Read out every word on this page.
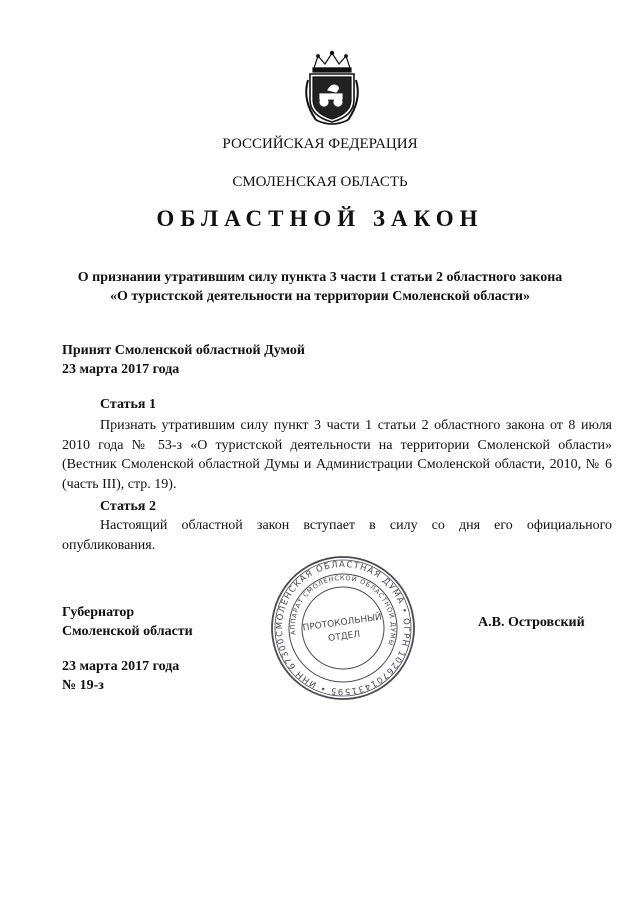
РОССИЙСКАЯ ФЕДЕРАЦИЯ
СМОЛЕНСКАЯ ОБЛАСТЬ
ОБЛАСТНОЙ ЗАКОН
О признании утратившим силу пункта 3 части 1 статьи 2 областного закона
«О туристской деятельности на территории Смоленской области»
Принят Смоленской областной Думой
23 марта 2017 года
Статья 1
Признать утратившим силу пункт 3 части 1 статьи 2 областного закона от 8 июля 2010 года № 53-з «О туристской деятельности на территории Смоленской области» (Вестник Смоленской областной Думы и Администрации Смоленской области, 2010, № 6 (часть III), стр. 19).
Статья 2
Настоящий областной закон вступает в силу со дня его официального опубликования.
Губернатор
Смоленской области	СМОЛЕНСКАЯ ОБЛАСТНАЯ ДУМА • ОГРН 1026701431595 • ИНН 6730003826
АППАРАТ СМОЛЕНСКОЙ ОБЛАСТНОЙ ДУМЫ
ПРОТОКОЛЬНЫЙ
ОТДЕЛ
А.В. Островский
23 марта 2017 года
№ 19-з
